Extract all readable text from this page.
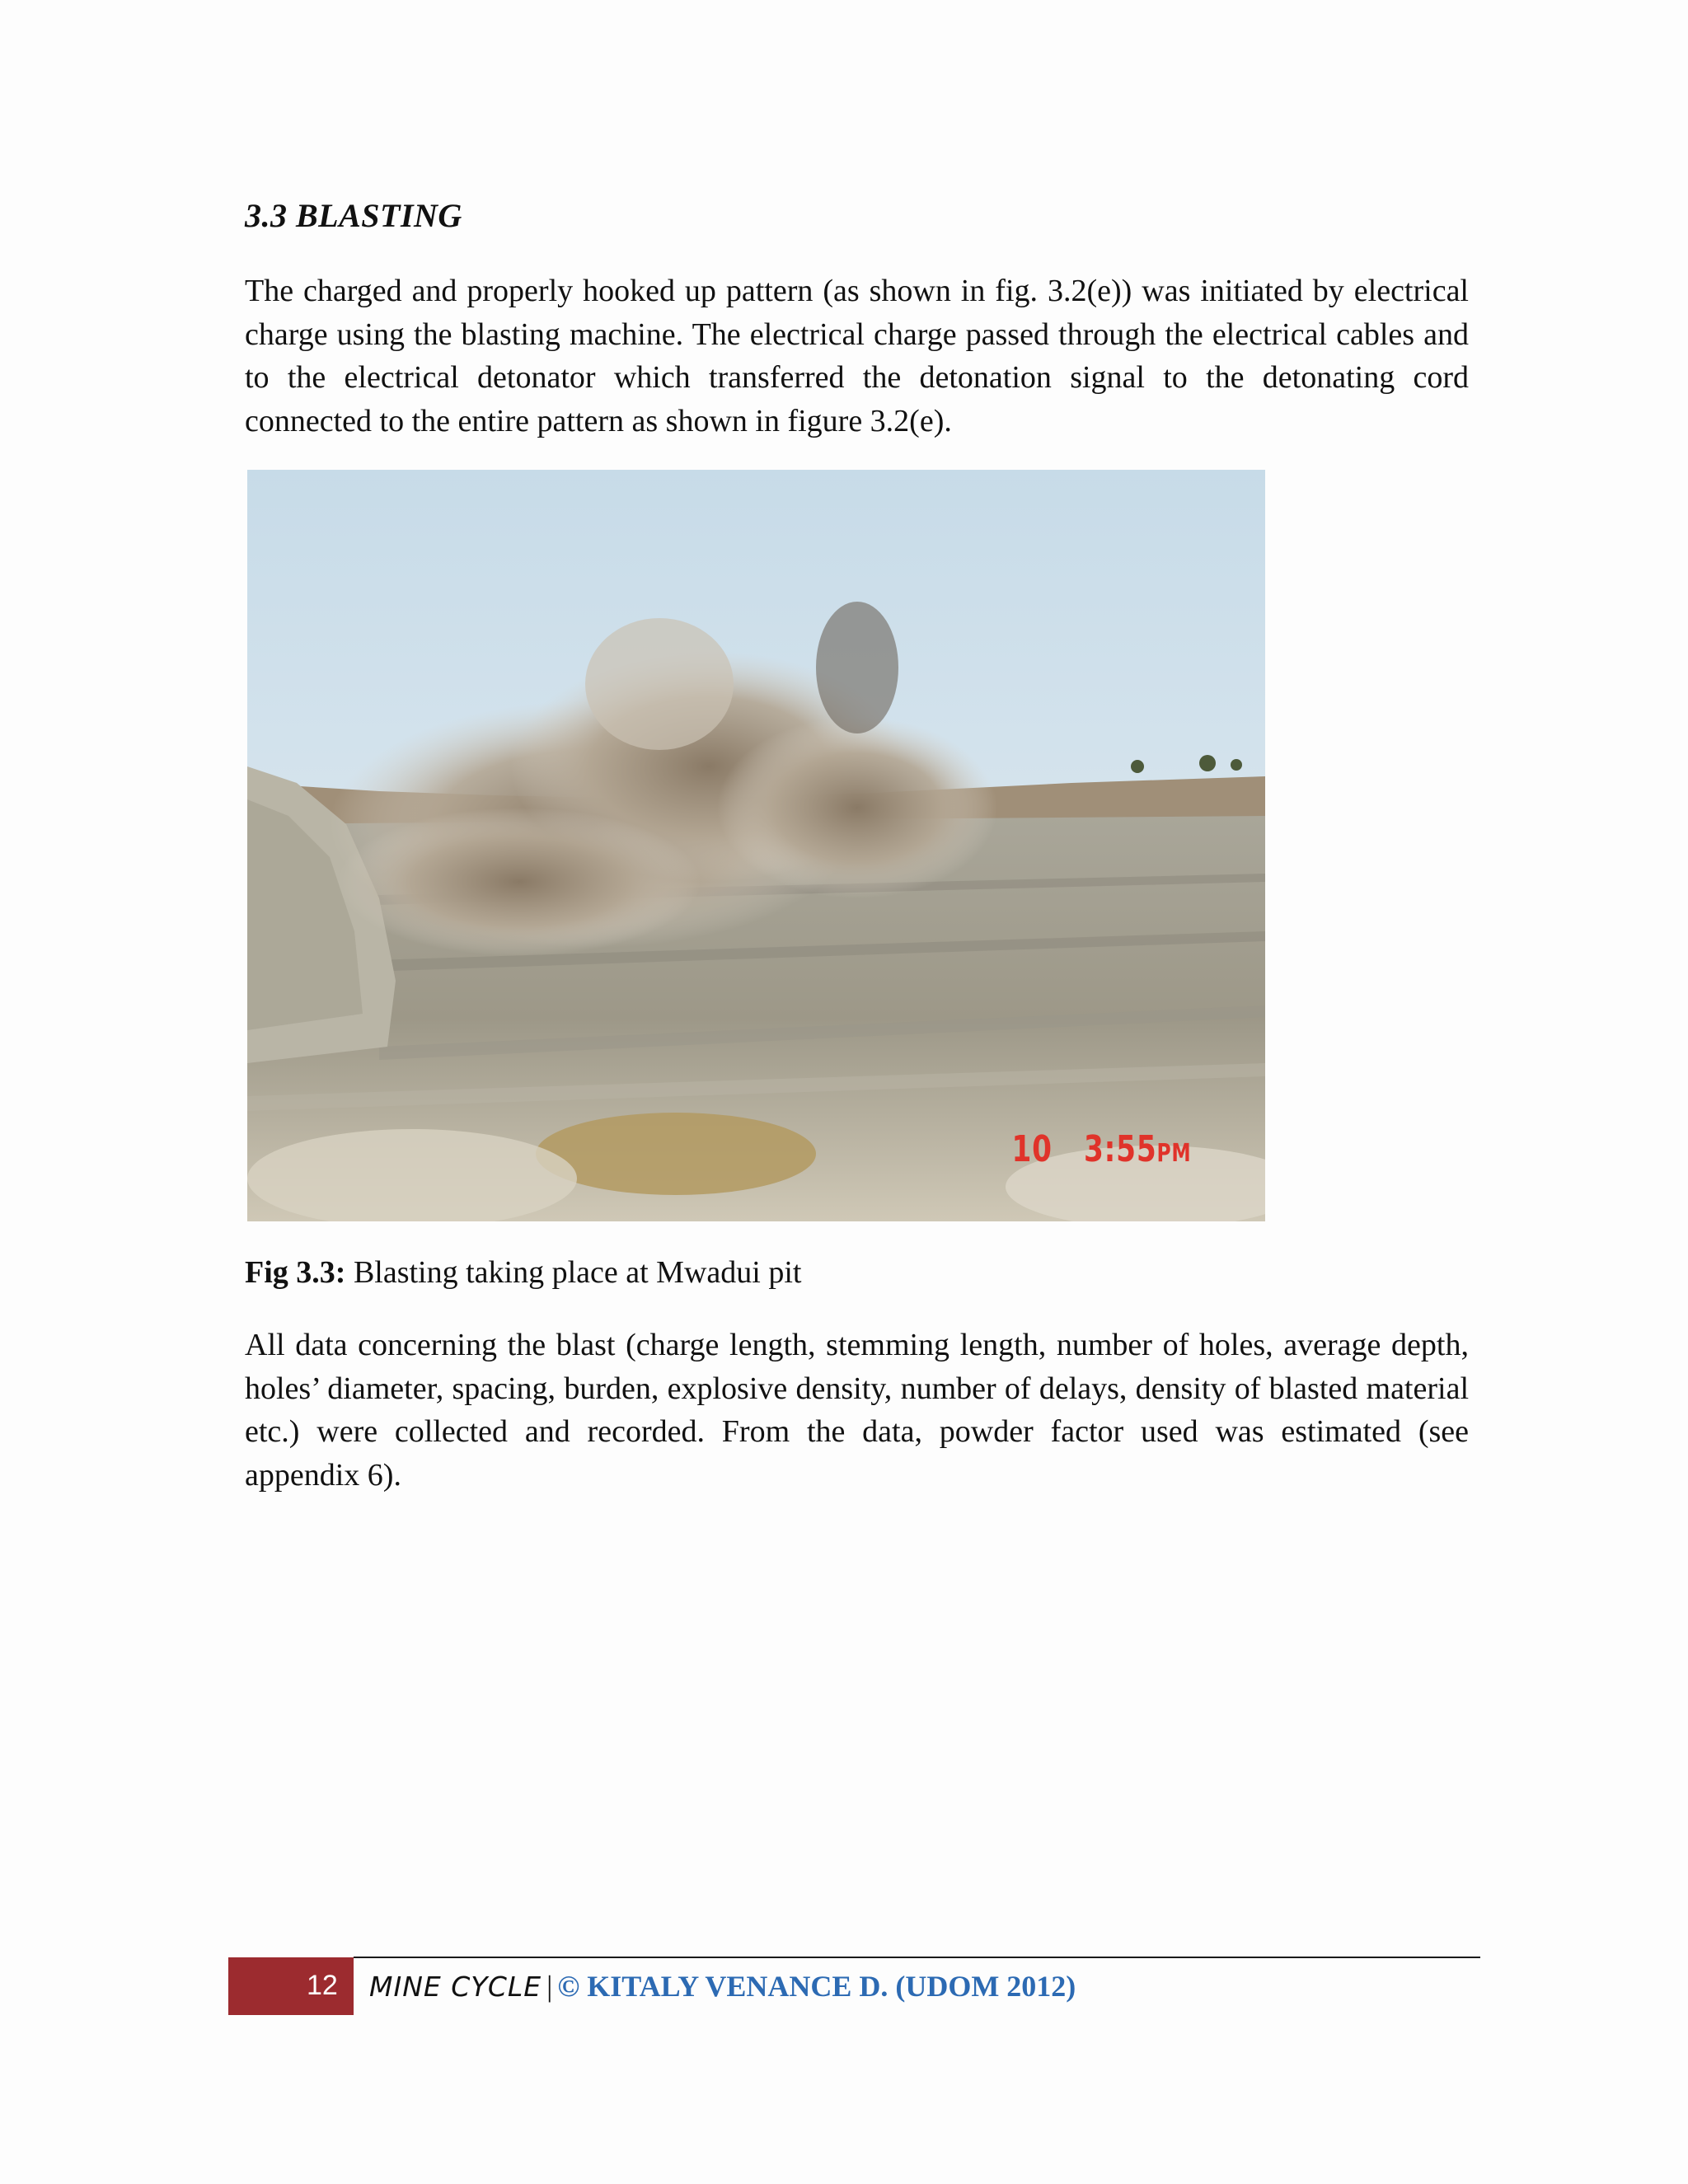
3.3 BLASTING
The charged and properly hooked up pattern (as shown in fig. 3.2(e)) was initiated by electrical charge using the blasting machine. The electrical charge passed through the electrical cables and to the electrical detonator which transferred the detonation signal to the detonating cord connected to the entire pattern as shown in figure 3.2(e).
10 3:55PM
Fig 3.3: Blasting taking place at Mwadui pit
All data concerning the blast (charge length, stemming length, number of holes, average depth, holes’ diameter, spacing, burden, explosive density, number of delays, density of blasted material etc.) were collected and recorded. From the data, powder factor used was estimated (see appendix 6).
12 MINE CYCLE | © KITALY VENANCE D. (UDOM 2012)
